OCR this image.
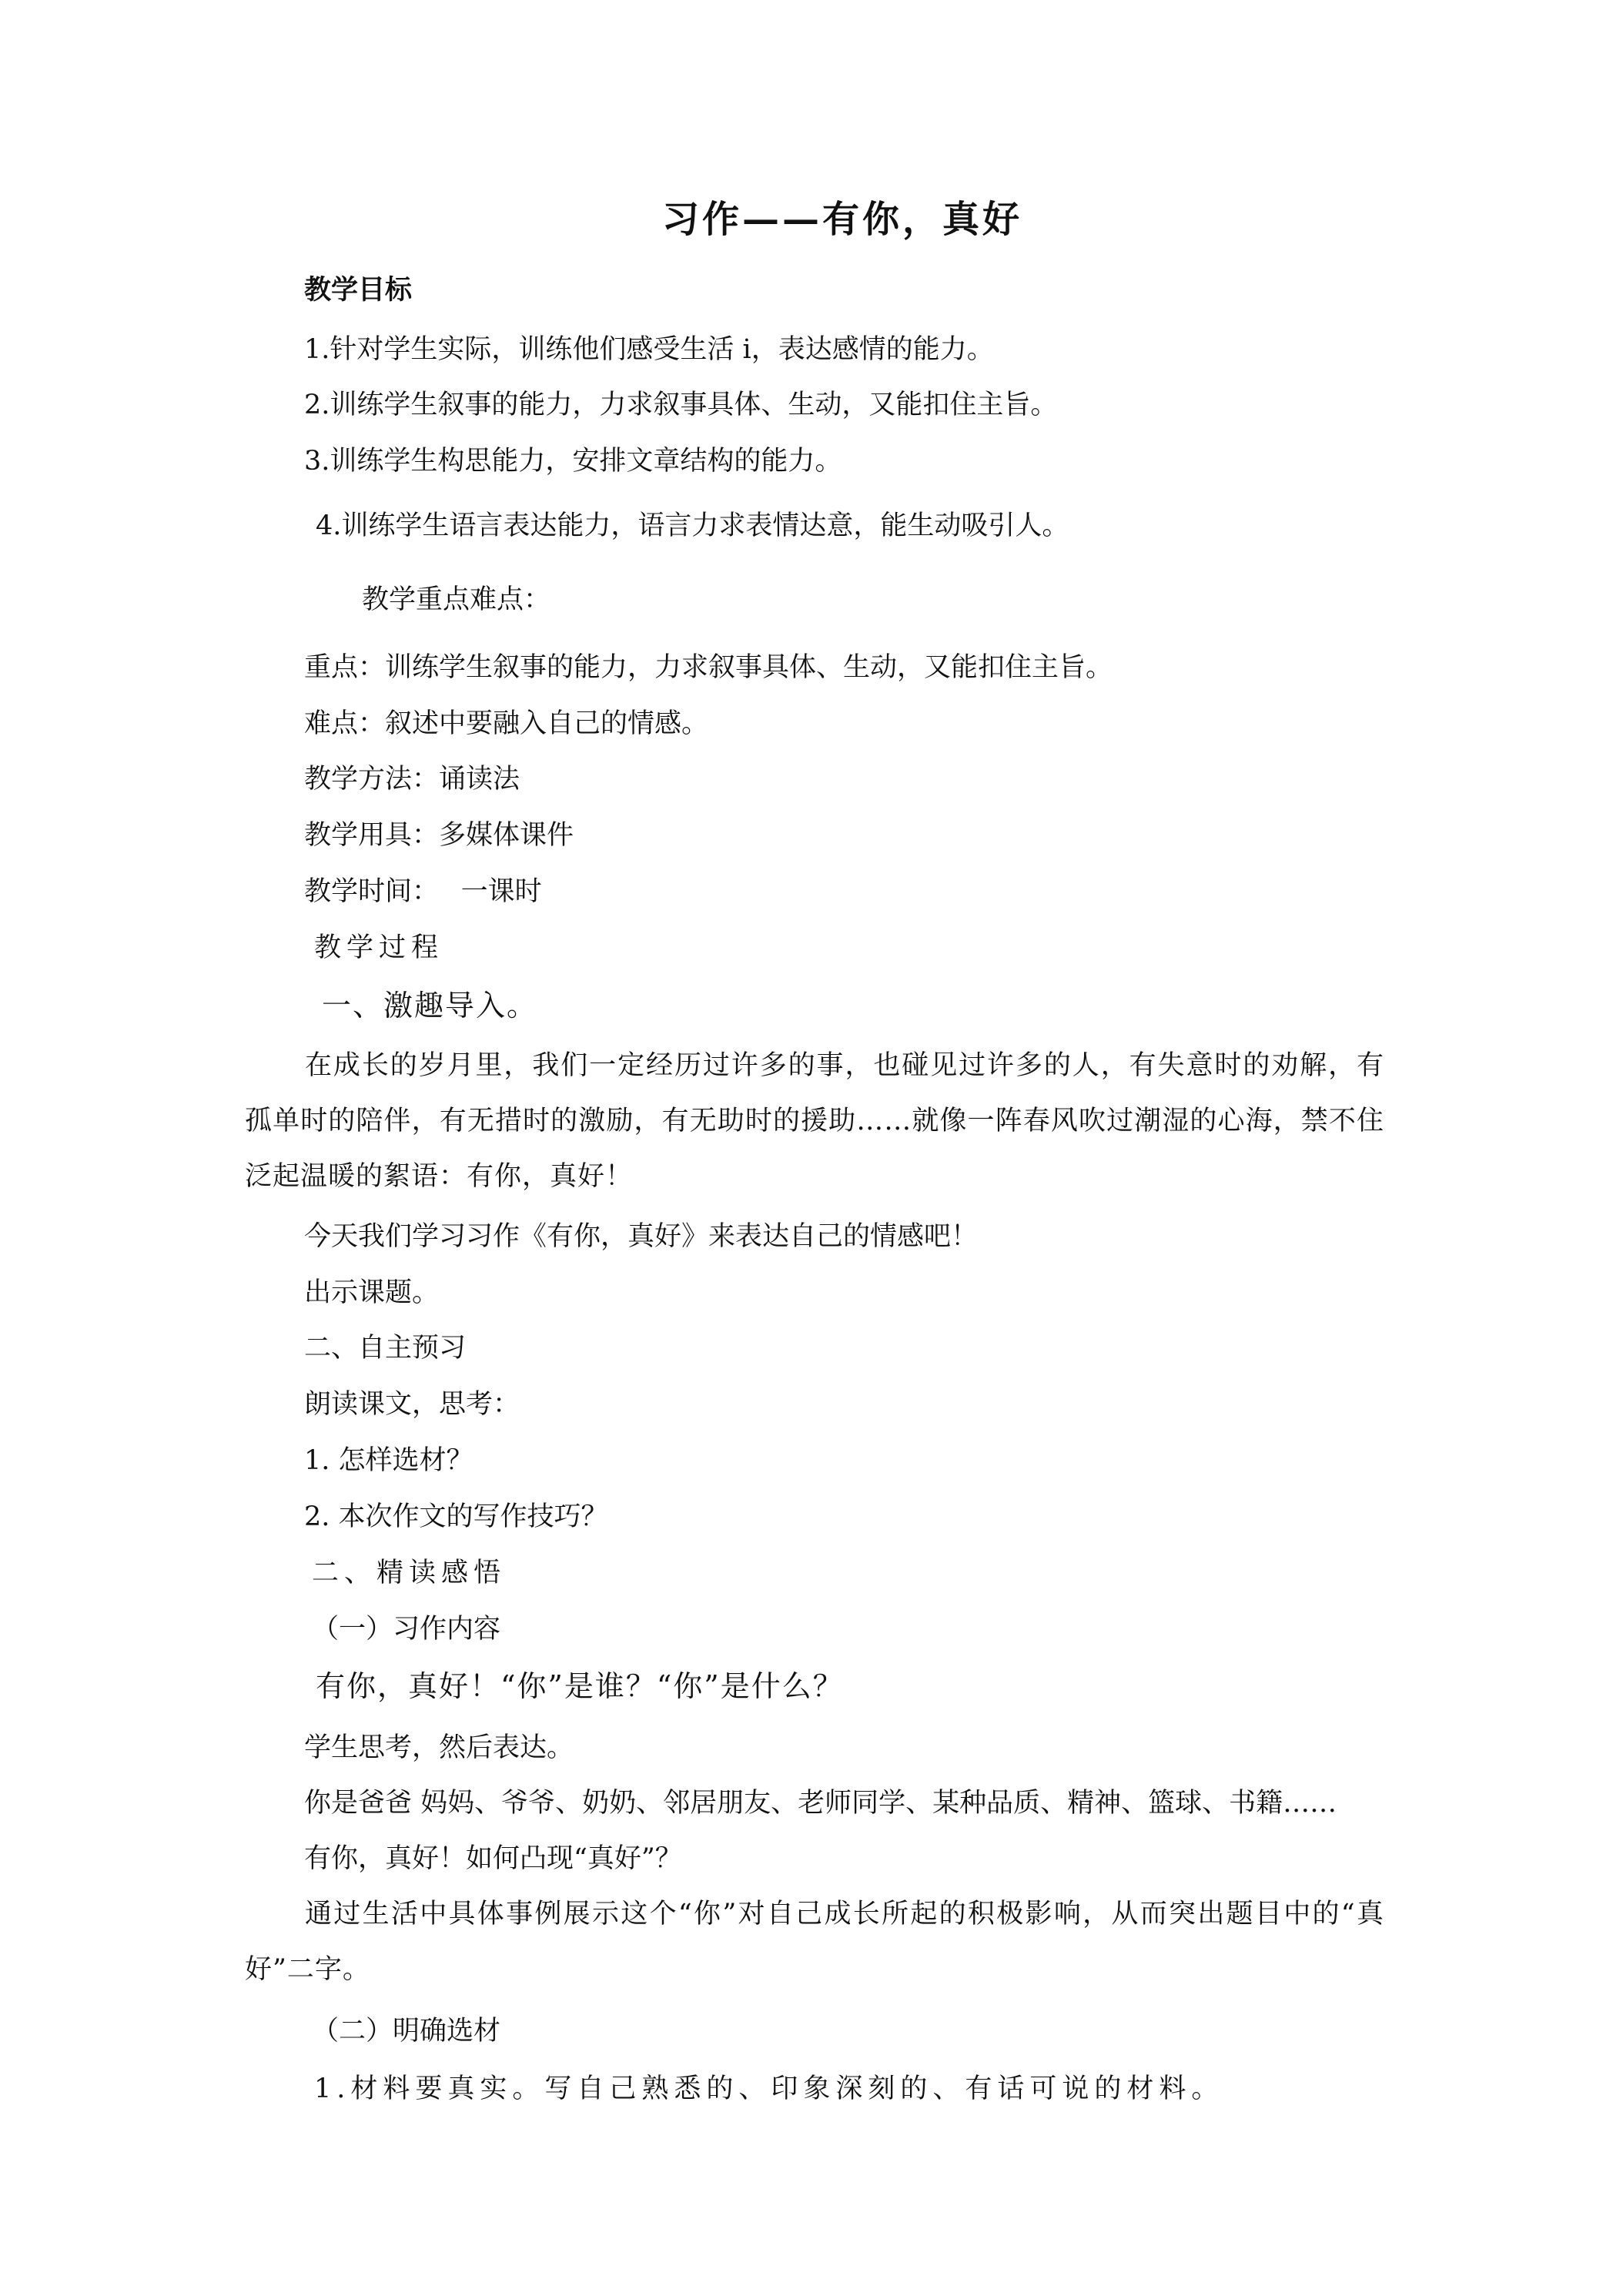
习作——有你，真好
教学目标
1.针对学生实际，训练他们感受生活 i，表达感情的能力。
2.训练学生叙事的能力，力求叙事具体、生动，又能扣住主旨。
3.训练学生构思能力，安排文章结构的能力。
4.训练学生语言表达能力，语言力求表情达意，能生动吸引人。
教学重点难点：
重点：训练学生叙事的能力，力求叙事具体、生动，又能扣住主旨。
难点：叙述中要融入自己的情感。
教学方法：诵读法
教学用具：多媒体课件
教学时间：　 一课时
教学过程
一、激趣导入。
在成长的岁月里，我们一定经历过许多的事，也碰见过许多的人，有失意时的劝解，有孤单时的陪伴，有无措时的激励，有无助时的援助……就像一阵春风吹过潮湿的心海，禁不住泛起温暖的絮语：有你，真好！
今天我们学习习作《有你，真好》来表达自己的情感吧！
出示课题。
二、自主预习
朗读课文，思考：
1. 怎样选材？
2. 本次作文的写作技巧？
二、精读感悟
（一）习作内容
有你，真好！“你”是谁？“你”是什么？
学生思考，然后表达。
你是爸爸 妈妈、爷爷、奶奶、邻居朋友、老师同学、某种品质、精神、篮球、书籍……
有你，真好！如何凸现“真好”？
通过生活中具体事例展示这个“你”对自己成长所起的积极影响，从而突出题目中的“真好”二字。
（二）明确选材
1.材料要真实。写自己熟悉的、印象深刻的、有话可说的材料。
